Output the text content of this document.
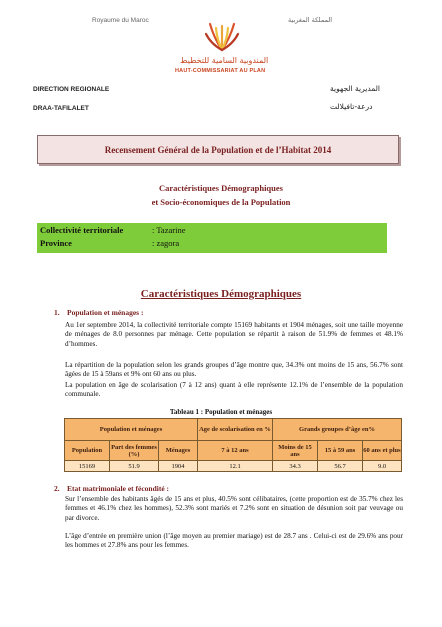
Royaume du Maroc	المملكة المغربية
المندوبية السامية للتخطيط
HAUT-COMMISSARIAT AU PLAN
DIRECTION REGIONALE
DRAA-TAFILALET
المديرية الجهوية
درعة-تافيلالت
Recensement Général de la Population et de l’Habitat 2014
Caractéristiques Démographiques
et Socio-économiques de la Population
Collectivité territoriale	: Tazarine
Province	: zagora
Caractéristiques Démographiques
1. Population et ménages :
Au 1er septembre 2014, la collectivité territoriale compte 15169 habitants et 1904 ménages, soit une taille moyenne de ménages de 8.0 personnes par ménage. Cette population se répartit à raison de 51.9% de femmes et 48.1% d’hommes.
La répartition de la population selon les grands groupes d’âge montre que, 34.3% ont moins de 15 ans, 56.7% sont âgées de 15 à 59ans et 9% ont 60 ans ou plus.
La population en âge de scolarisation (7 à 12 ans) quant à elle représente 12.1% de l’ensemble de la population communale.
Tableau 1 : Population et ménages
Population et ménages			Age de scolarisation en %	Grands groupes d’âge en%		
Population	Part des femmes (%)	Ménages	7 à 12 ans	Moins de 15 ans	15 à 59 ans	60 ans et plus
15169	51.9	1904	12.1	34.3	56.7	9.0
2. Etat matrimoniale et fécondité :
Sur l’ensemble des habitants âgés de 15 ans et plus, 40.5% sont célibataires, (cette proportion est de 35.7% chez les femmes et 46.1% chez les hommes), 52.3% sont mariés et 7.2% sont en situation de désunion soit par veuvage ou par divorce.
L’âge d’entrée en première union (l’âge moyen au premier mariage) est de 28.7 ans . Celui-ci est de 29.6% ans pour les hommes et 27.8% ans pour les femmes.
